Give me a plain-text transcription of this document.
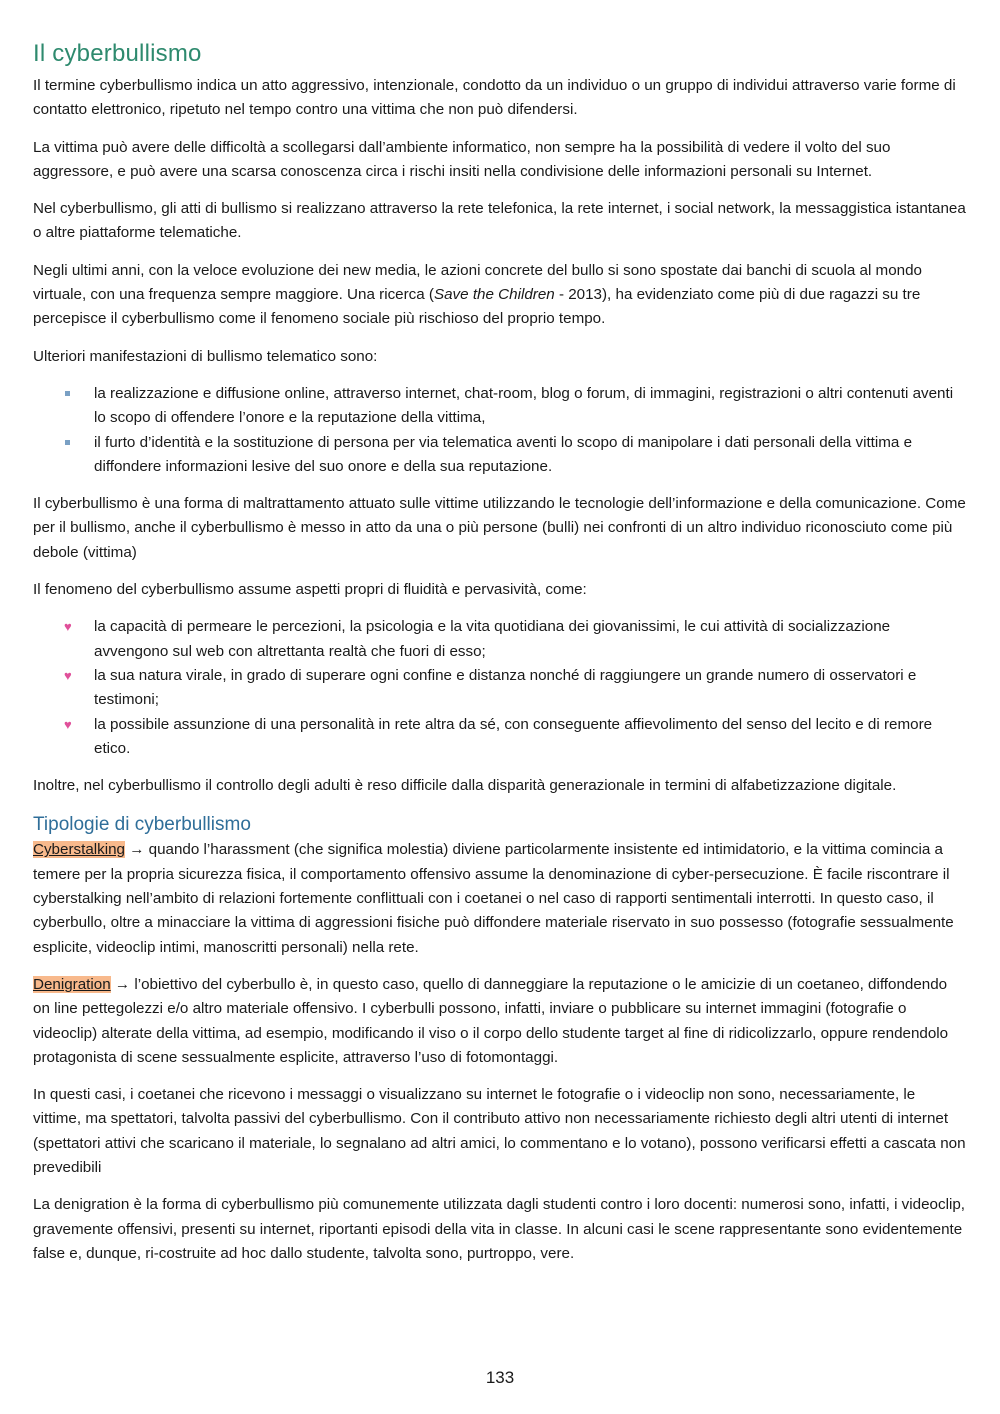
Il cyberbullismo

Il termine cyberbullismo indica un atto aggressivo, intenzionale, condotto da un individuo o un gruppo di individui attraverso varie forme di contatto elettronico, ripetuto nel tempo contro una vittima che non può difendersi.

La vittima può avere delle difficoltà a scollegarsi dall’ambiente informatico, non sempre ha la possibilità di vedere il volto del suo aggressore, e può avere una scarsa conoscenza circa i rischi insiti nella condivisione delle informazioni personali su Internet.

Nel cyberbullismo, gli atti di bullismo si realizzano attraverso la rete telefonica, la rete internet, i social network, la messaggistica istantanea o altre piattaforme telematiche.

Negli ultimi anni, con la veloce evoluzione dei new media, le azioni concrete del bullo si sono spostate dai banchi di scuola al mondo virtuale, con una frequenza sempre maggiore. Una ricerca (Save the Children - 2013), ha evidenziato come più di due ragazzi su tre percepisce il cyberbullismo come il fenomeno sociale più rischioso del proprio tempo.

Ulteriori manifestazioni di bullismo telematico sono:

la realizzazione e diffusione online, attraverso internet, chat-room, blog o forum, di immagini, registrazioni o altri contenuti aventi lo scopo di offendere l’onore e la reputazione della vittima,
il furto d’identità e la sostituzione di persona per via telematica aventi lo scopo di manipolare i dati personali della vittima e diffondere informazioni lesive del suo onore e della sua reputazione.

Il cyberbullismo è una forma di maltrattamento attuato sulle vittime utilizzando le tecnologie dell’informazione e della comunicazione. Come per il bullismo, anche il cyberbullismo è messo in atto da una o più persone (bulli) nei confronti di un altro individuo riconosciuto come più debole (vittima)

Il fenomeno del cyberbullismo assume aspetti propri di fluidità e pervasività, come:

♥ la capacità di permeare le percezioni, la psicologia e la vita quotidiana dei giovanissimi, le cui attività di socializzazione avvengono sul web con altrettanta realtà che fuori di esso;
♥ la sua natura virale, in grado di superare ogni confine e distanza nonché di raggiungere un grande numero di osservatori e testimoni;
♥ la possibile assunzione di una personalità in rete altra da sé, con conseguente affievolimento del senso del lecito e di remore etico.

Inoltre, nel cyberbullismo il controllo degli adulti è reso difficile dalla disparità generazionale in termini di alfabetizzazione digitale.

Tipologie di cyberbullismo

Cyberstalking → quando l’harassment (che significa molestia) diviene particolarmente insistente ed intimidatorio, e la vittima comincia a temere per la propria sicurezza fisica, il comportamento offensivo assume la denominazione di cyber-persecuzione. È facile riscontrare il cyberstalking nell’ambito di relazioni fortemente conflittuali con i coetanei o nel caso di rapporti sentimentali interrotti. In questo caso, il cyberbullo, oltre a minacciare la vittima di aggressioni fisiche può diffondere materiale riservato in suo possesso (fotografie sessualmente esplicite, videoclip intimi, manoscritti personali) nella rete.

Denigration → l’obiettivo del cyberbullo è, in questo caso, quello di danneggiare la reputazione o le amicizie di un coetaneo, diffondendo on line pettegolezzi e/o altro materiale offensivo. I cyberbulli possono, infatti, inviare o pubblicare su internet immagini (fotografie o videoclip) alterate della vittima, ad esempio, modificando il viso o il corpo dello studente target al fine di ridicolizzarlo, oppure rendendolo protagonista di scene sessualmente esplicite, attraverso l’uso di fotomontaggi.

In questi casi, i coetanei che ricevono i messaggi o visualizzano su internet le fotografie o i videoclip non sono, necessariamente, le vittime, ma spettatori, talvolta passivi del cyberbullismo. Con il contributo attivo non necessariamente richiesto degli altri utenti di internet (spettatori attivi che scaricano il materiale, lo segnalano ad altri amici, lo commentano e lo votano), possono verificarsi effetti a cascata non prevedibili

La denigration è la forma di cyberbullismo più comunemente utilizzata dagli studenti contro i loro docenti: numerosi sono, infatti, i videoclip, gravemente offensivi, presenti su internet, riportanti episodi della vita in classe. In alcuni casi le scene rappresentante sono evidentemente false e, dunque, ri-costruite ad hoc dallo studente, talvolta sono, purtroppo, vere.

133
